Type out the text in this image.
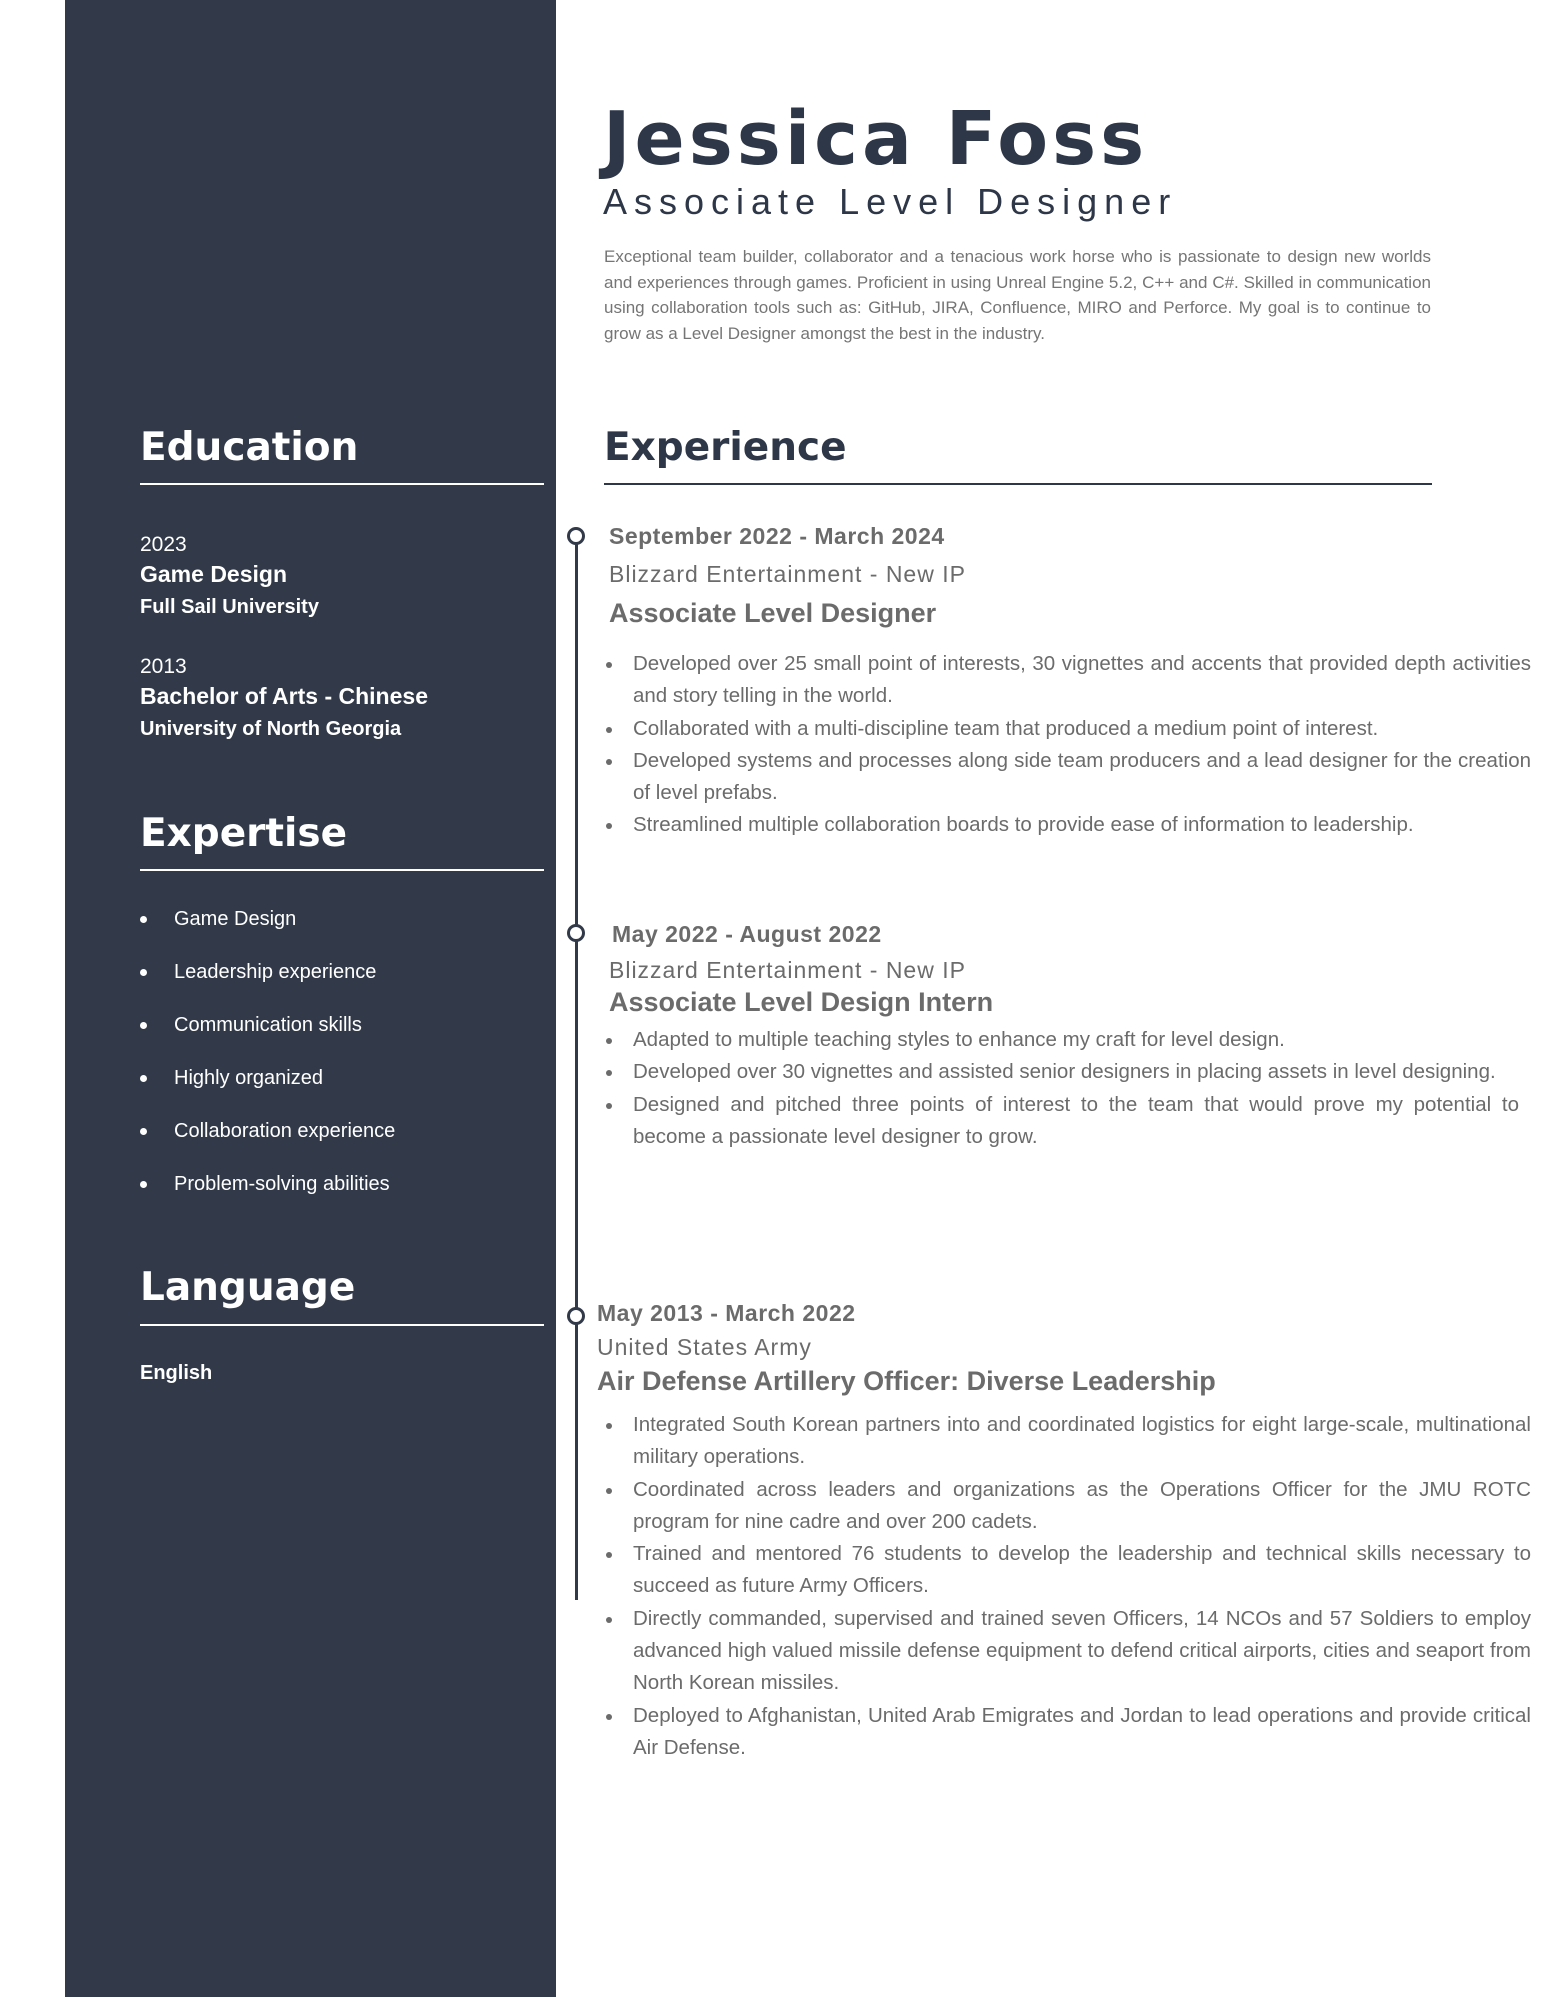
Education
2023
Game Design
Full Sail University
2013
Bachelor of Arts - Chinese
University of North Georgia
Expertise
Game Design
Leadership experience
Communication skills
Highly organized
Collaboration experience
Problem-solving abilities
Language
English
Jessica Foss
Associate Level Designer

Exceptional team builder, collaborator and a tenacious work horse who is passionate to design new worlds and experiences through games. Proficient in using Unreal Engine 5.2, C++ and C#. Skilled in communication using collaboration tools such as: GitHub, JIRA, Confluence, MIRO and Perforce. My goal is to continue to grow as a Level Designer amongst the best in the industry.

Experience
September 2022 - March 2024
Blizzard Entertainment - New IP
Associate Level Designer
Developed over 25 small point of interests, 30 vignettes and accents that provided depth activities and story telling in the world.
Collaborated with a multi-discipline team that produced a medium point of interest.
Developed systems and processes along side team producers and a lead designer for the creation of level prefabs.
Streamlined multiple collaboration boards to provide ease of information to leadership.
May 2022 - August 2022
Blizzard Entertainment - New IP
Associate Level Design Intern
Adapted to multiple teaching styles to enhance my craft for level design.
Developed over 30 vignettes and assisted senior designers in placing assets in level designing.
Designed and pitched three points of interest to the team that would prove my potential to become a passionate level designer to grow.
May 2013 - March 2022
United States Army
Air Defense Artillery Officer: Diverse Leadership
Integrated South Korean partners into and coordinated logistics for eight large-scale, multinational military operations.
Coordinated across leaders and organizations as the Operations Officer for the JMU ROTC program for nine cadre and over 200 cadets.
Trained and mentored 76 students to develop the leadership and technical skills necessary to succeed as future Army Officers.
Directly commanded, supervised and trained seven Officers, 14 NCOs and 57 Soldiers to employ advanced high valued missile defense equipment to defend critical airports, cities and seaport from North Korean missiles.
Deployed to Afghanistan, United Arab Emigrates and Jordan to lead operations and provide critical Air Defense.
